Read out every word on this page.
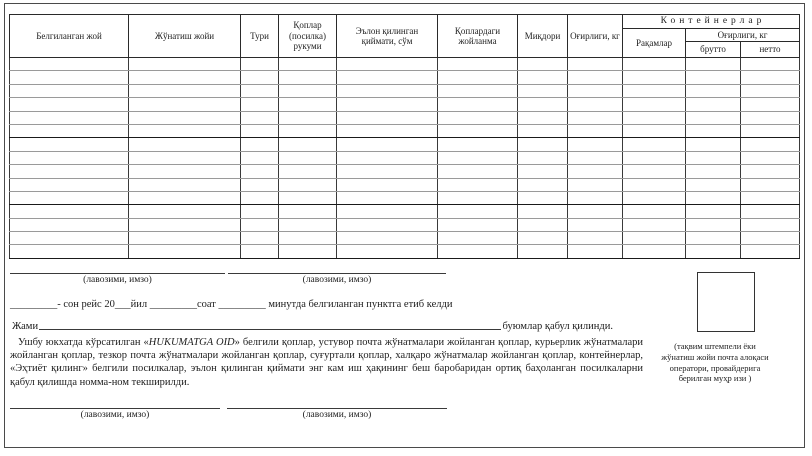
Белгиланган жой	Жўнатиш жойи	Тури	Қоплар (посилка) рукуми	Эълон қилинган қиймати, сўм	Қоплардаги жойланма	Миқдори	Оғирлиги, кг	Контейнерлар		
								Рақамлар	Оғирлиги, кг	
									брутто	нетто

(лавозими, имзо)	(лавозими, имзо)
_________- сон рейс 20___йил _________соат _________ минутда белгиланган пунктга етиб келди
Жами	буюмлар қабул қилинди.
Ушбу юкхатда кўрсатилган «HUKUMATGA OID» белгили қоплар, устувор почта жўнатмалари жойланган қоплар, курьерлик жўнатмалари жойланган қоплар, тезкор почта жўнатмалари жойланган қоплар, суғуртали қоплар, халқаро жўнатмалар жойланган қоплар, контейнерлар, «Эҳтиёт қилинг» белгили посилкалар, эълон қилинган қиймати энг кам иш ҳақининг беш баробаридан ортиқ баҳоланган посилкаларни қабул қилишда номма-ном текширилди.
(тақвим штемпели ёки
жўнатиш жойи почта алоқаси
оператори, провайдерига
берилган муҳр изи )
(лавозими, имзо)	(лавозими, имзо)
